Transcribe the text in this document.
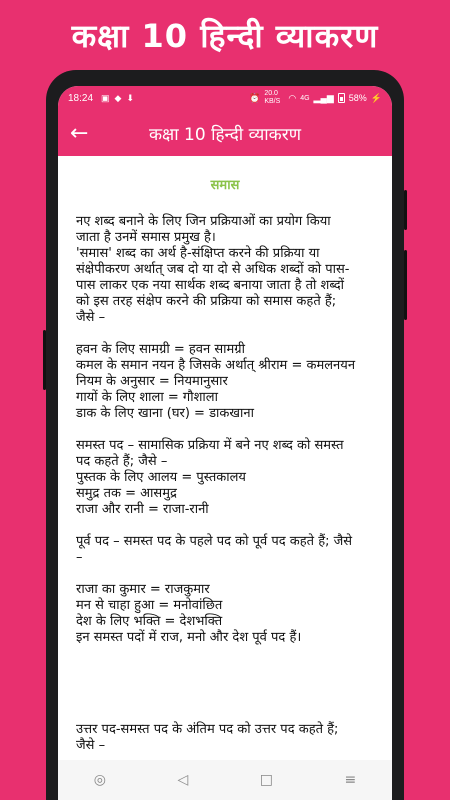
कक्षा 10 हिन्दी व्याकरण
18:24 ▣ ◆ ⬇	⏰ 20.0 KB/S ◠ 4G ▂▄▆ 58% ⚡
←	कक्षा 10 हिन्दी व्याकरण
समास

नए शब्द बनाने के लिए जिन प्रक्रियाओं का प्रयोग किया
जाता है उनमें समास प्रमुख है।
'समास' शब्द का अर्थ है-संक्षिप्त करने की प्रक्रिया या
संक्षेपीकरण अर्थात् जब दो या दो से अधिक शब्दों को पास-
पास लाकर एक नया सार्थक शब्द बनाया जाता है तो शब्दों
को इस तरह संक्षेप करने की प्रक्रिया को समास कहते हैं;
जैसे –

हवन के लिए सामग्री = हवन सामग्री
कमल के समान नयन है जिसके अर्थात् श्रीराम = कमलनयन
नियम के अनुसार = नियमानुसार
गायों के लिए शाला = गौशाला
डाक के लिए खाना (घर) = डाकखाना

समस्त पद – सामासिक प्रक्रिया में बने नए शब्द को समस्त
पद कहते हैं; जैसे –
पुस्तक के लिए आलय = पुस्तकालय
समुद्र तक = आसमुद्र
राजा और रानी = राजा-रानी

पूर्व पद – समस्त पद के पहले पद को पूर्व पद कहते हैं; जैसे
–

राजा का कुमार = राजकुमार
मन से चाहा हुआ = मनोवांछित
देश के लिए भक्ति = देशभक्ति
इन समस्त पदों में राज, मनो और देश पूर्व पद हैं।

उत्तर पद-समस्त पद के अंतिम पद को उत्तर पद कहते हैं;
जैसे –

◎	◁	□	≡
